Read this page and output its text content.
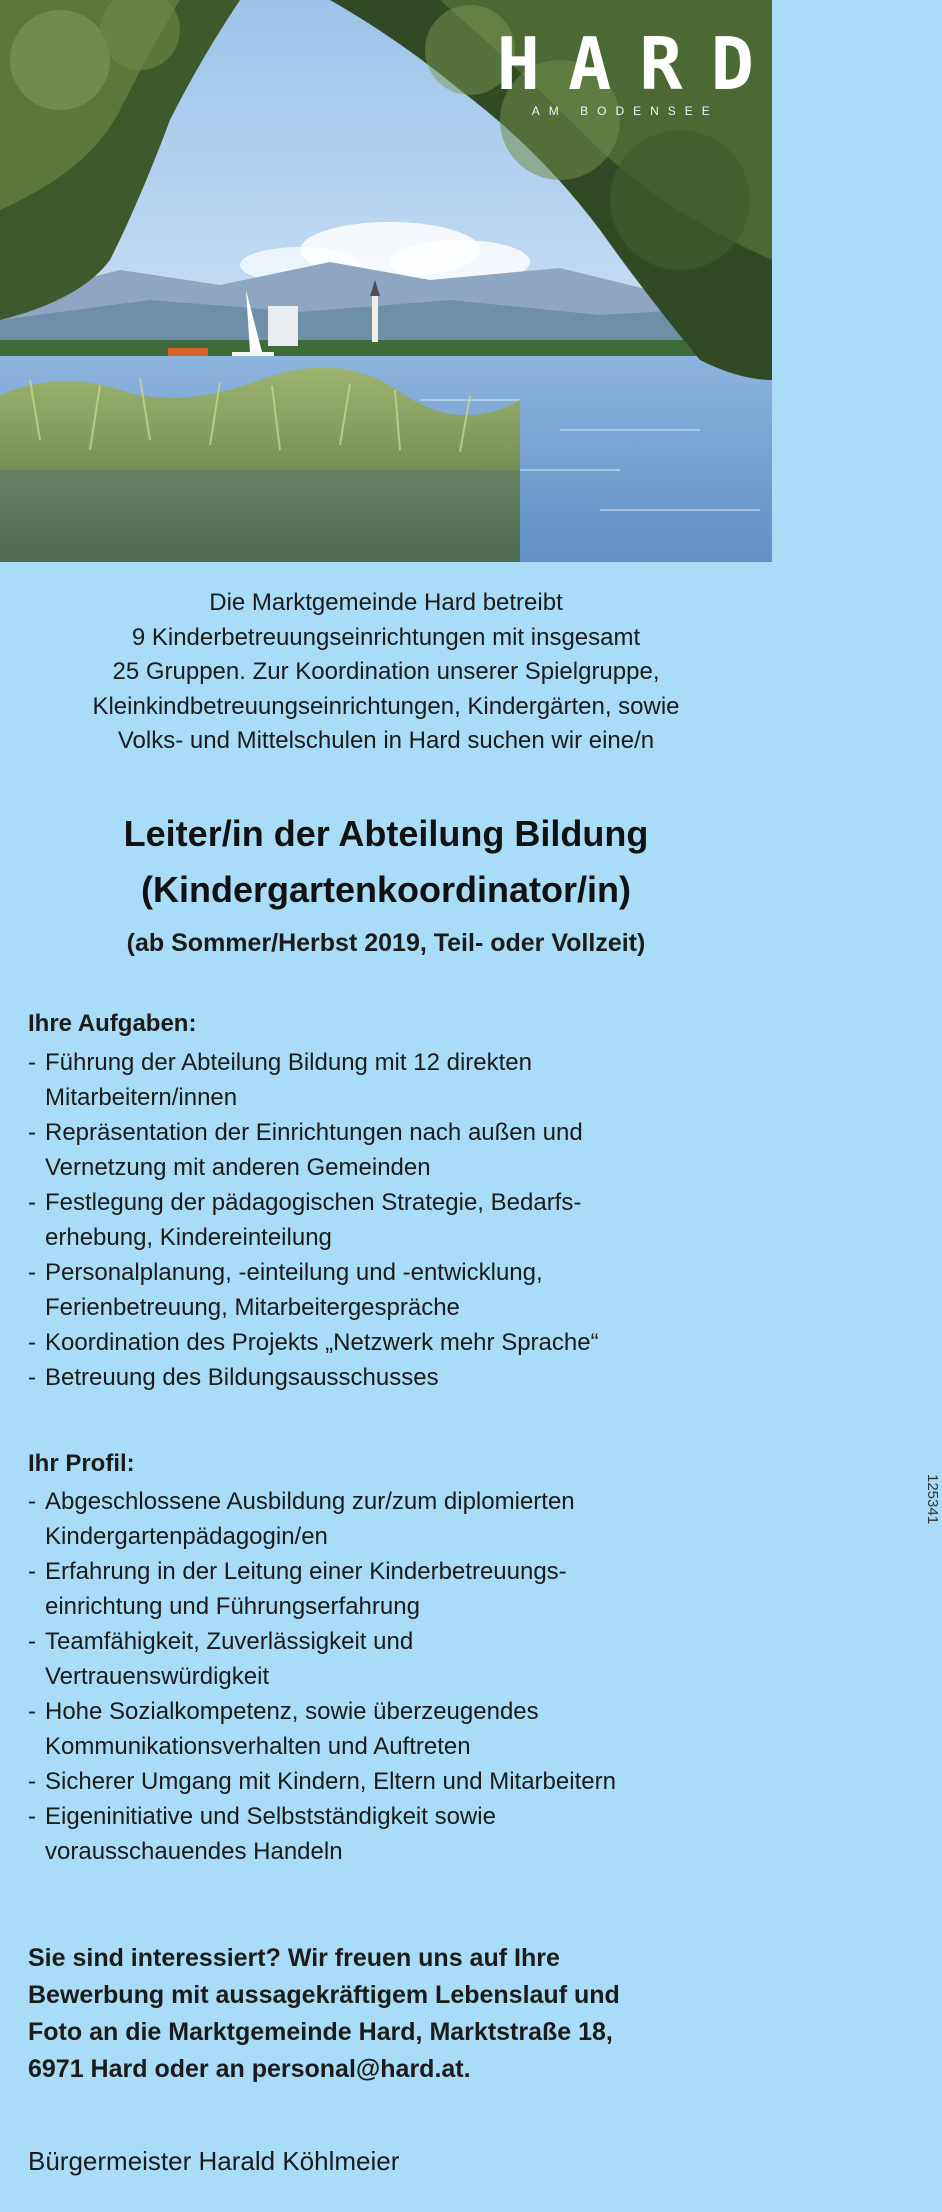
HARD
AM BODENSEE
Die Marktgemeinde Hard betreibt
9 Kinderbetreuungseinrichtungen mit insgesamt
25 Gruppen. Zur Koordination unserer Spielgruppe,
Kleinkindbetreuungseinrichtungen, Kindergärten, sowie
Volks- und Mittelschulen in Hard suchen wir eine/n
Leiter/in der Abteilung Bildung
(Kindergartenkoordinator/in)
(ab Sommer/Herbst 2019, Teil- oder Vollzeit)
Ihre Aufgaben:
- Führung der Abteilung Bildung mit 12 direkten
Mitarbeitern/innen
- Repräsentation der Einrichtungen nach außen und
Vernetzung mit anderen Gemeinden
- Festlegung der pädagogischen Strategie, Bedarfs-
erhebung, Kindereinteilung
- Personalplanung, -einteilung und -entwicklung,
Ferienbetreuung, Mitarbeitergespräche
- Koordination des Projekts „Netzwerk mehr Sprache“
- Betreuung des Bildungsausschusses
Ihr Profil:
- Abgeschlossene Ausbildung zur/zum diplomierten
Kindergartenpädagogin/en
- Erfahrung in der Leitung einer Kinderbetreuungs-
einrichtung und Führungserfahrung
- Teamfähigkeit, Zuverlässigkeit und
Vertrauenswürdigkeit
- Hohe Sozialkompetenz, sowie überzeugendes
Kommunikationsverhalten und Auftreten
- Sicherer Umgang mit Kindern, Eltern und Mitarbeitern
- Eigeninitiative und Selbstständigkeit sowie
vorausschauendes Handeln
Sie sind interessiert? Wir freuen uns auf Ihre
Bewerbung mit aussagekräftigem Lebenslauf und
Foto an die Marktgemeinde Hard, Marktstraße 18,
6971 Hard oder an personal@hard.at.
Bürgermeister Harald Köhlmeier
125341
